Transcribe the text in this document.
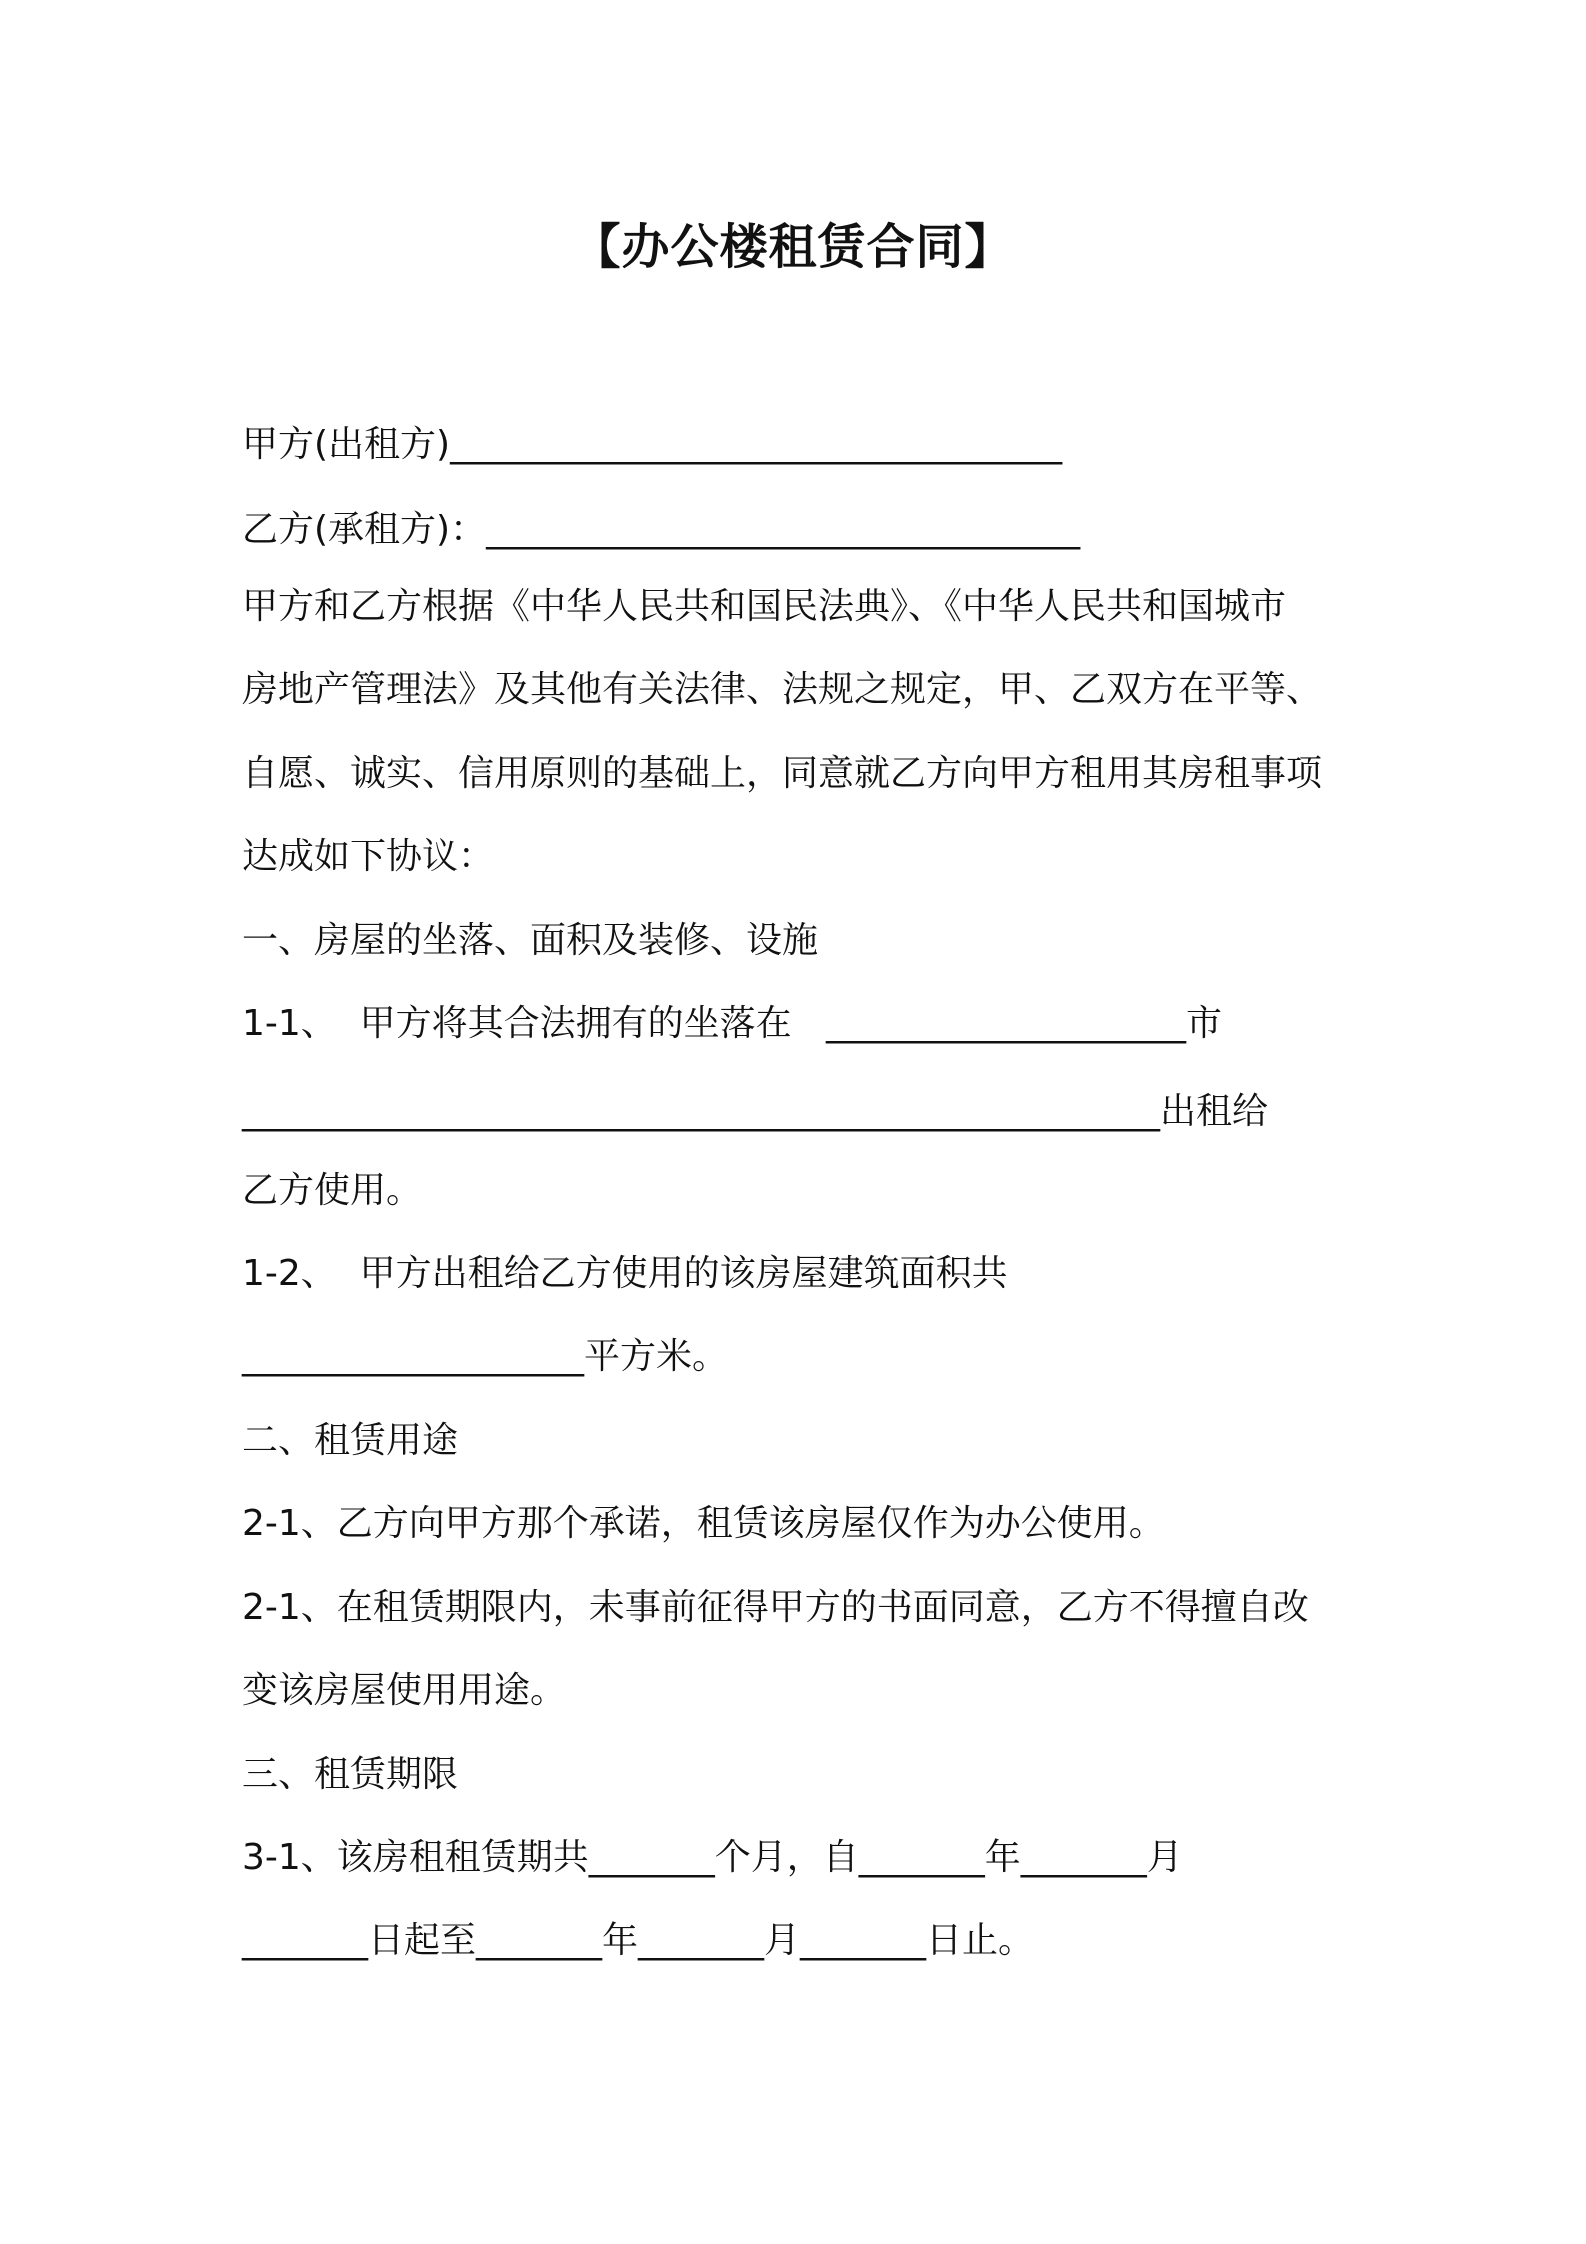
【办公楼租赁合同】
甲方(出租方)__________________________________
乙方(承租方)：_________________________________
甲方和乙方根据《中华人民共和国民法典》、《中华人民共和国城市
房地产管理法》及其他有关法律、法规之规定，甲、乙双方在平等、
自愿、诚实、信用原则的基础上，同意就乙方向甲方租用其房租事项
达成如下协议：
一、房屋的坐落、面积及装修、设施
1-1、  甲方将其合法拥有的坐落在   ____________________市
___________________________________________________出租给
乙方使用。
1-2、  甲方出租给乙方使用的该房屋建筑面积共
___________________平方米。
二、租赁用途
2-1、乙方向甲方那个承诺，租赁该房屋仅作为办公使用。
2-1、在租赁期限内，未事前征得甲方的书面同意，乙方不得擅自改
变该房屋使用用途。
三、租赁期限
3-1、该房租租赁期共_______个月，自_______年_______月
_______日起至_______年_______月_______日止。
